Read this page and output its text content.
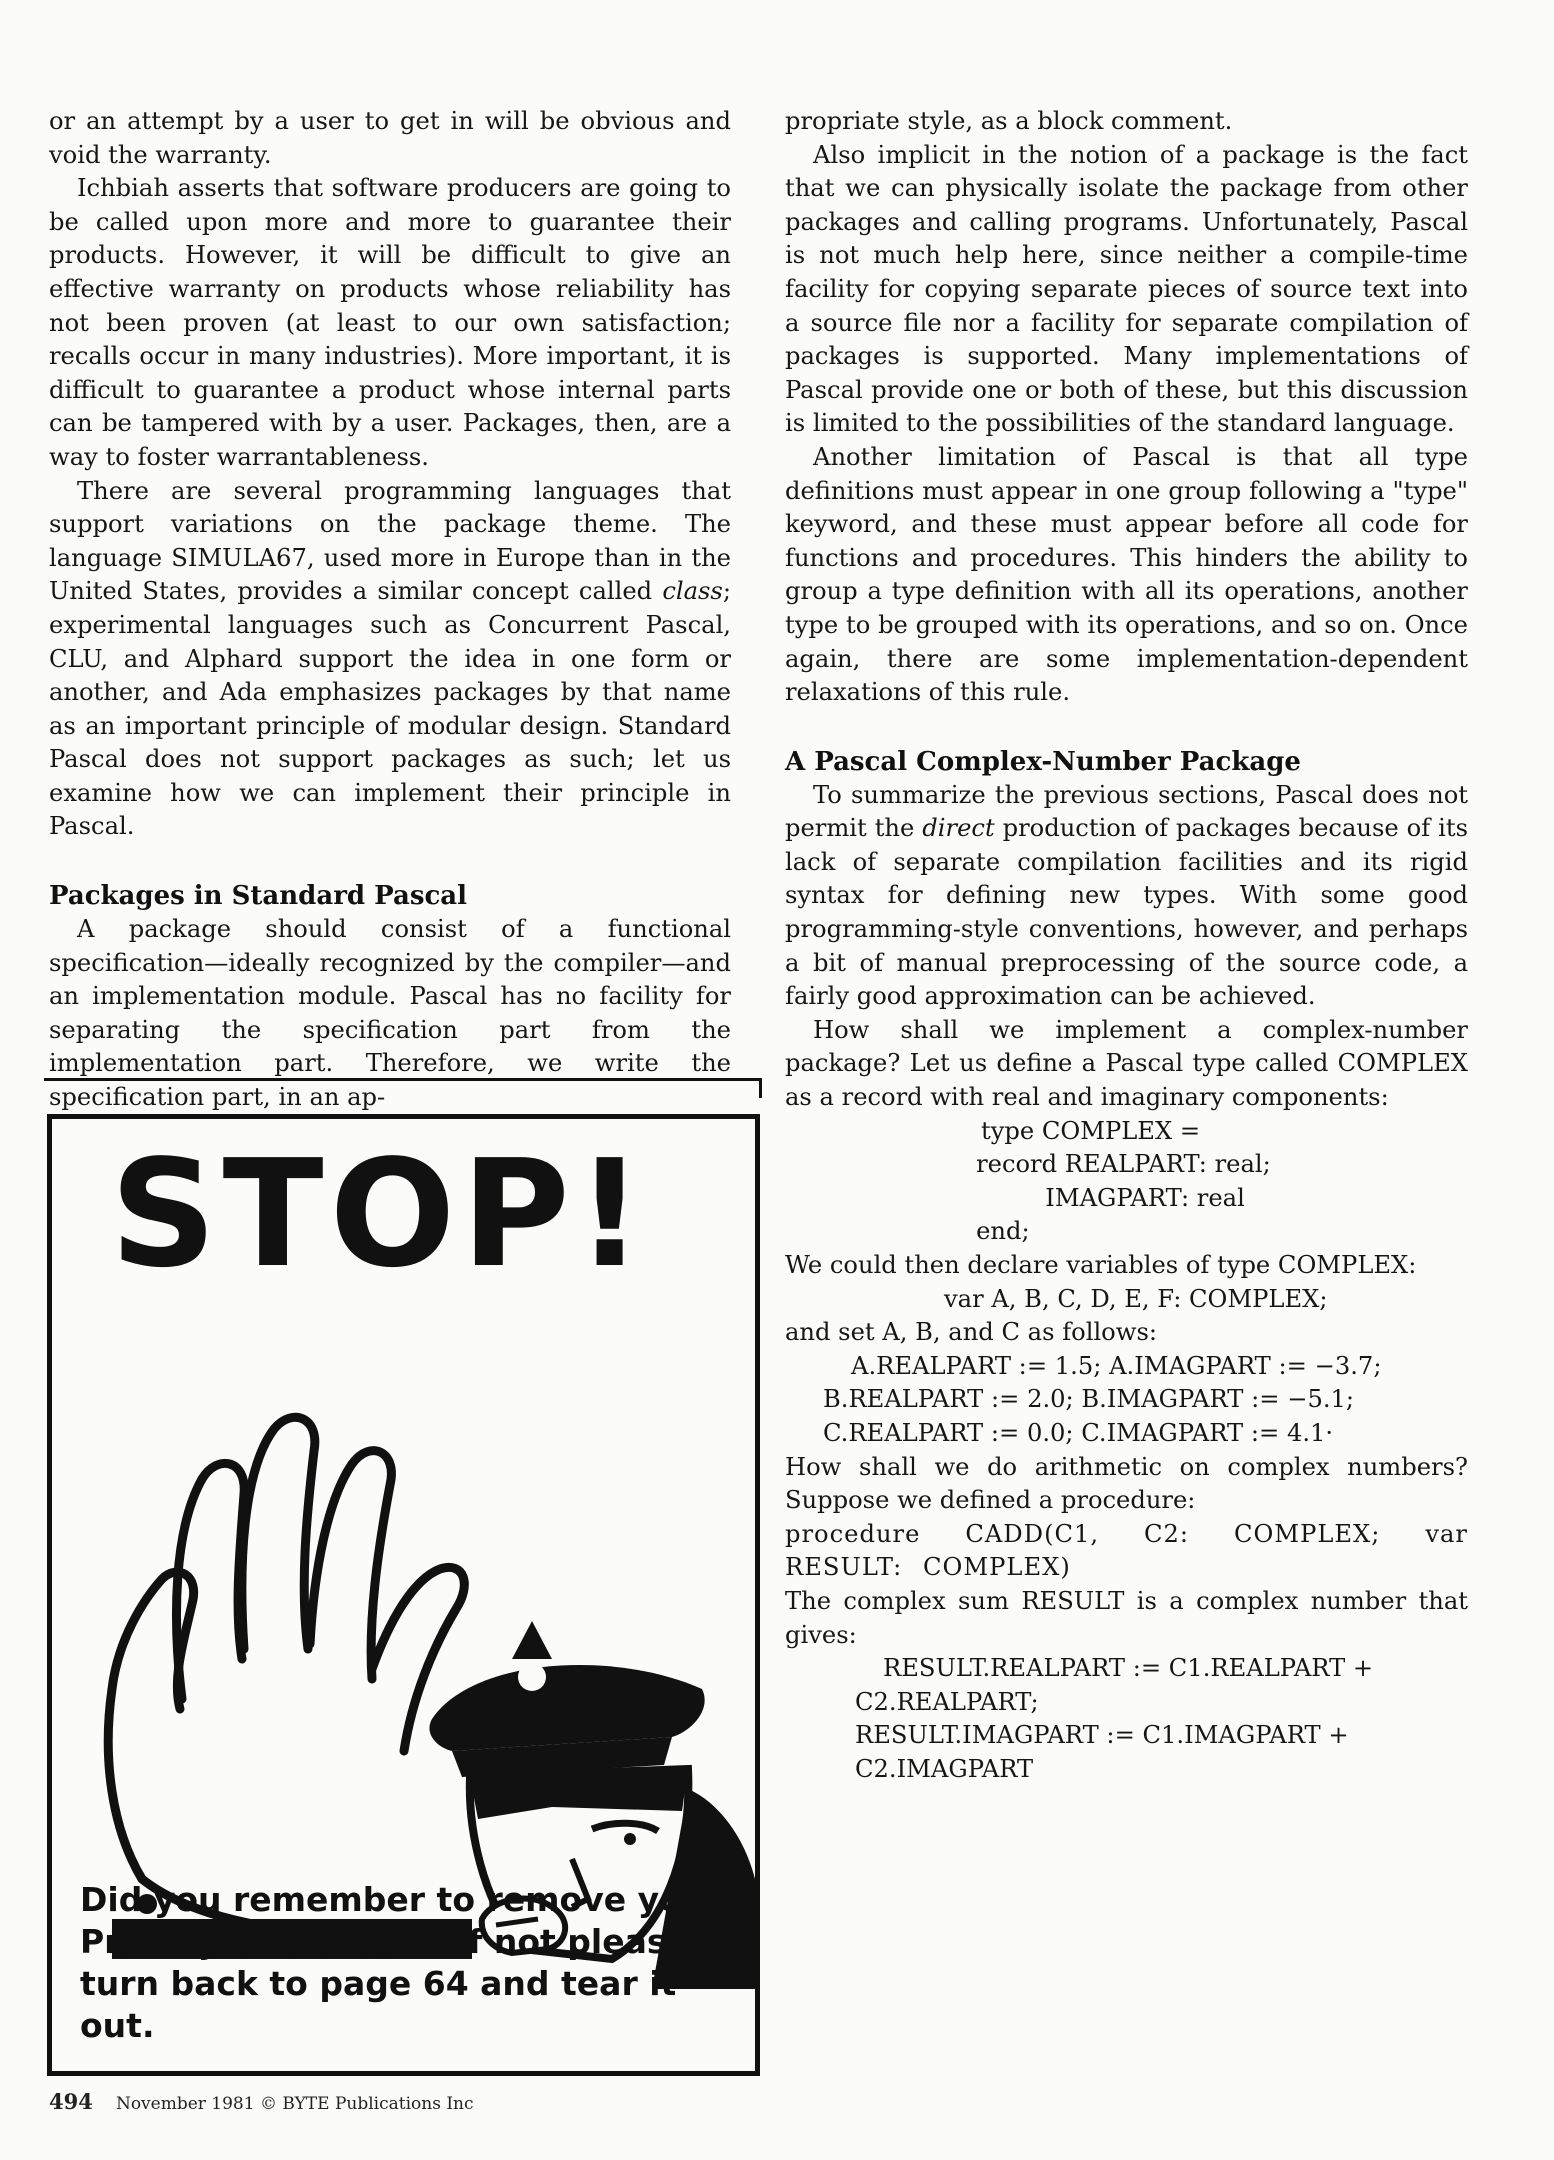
or an attempt by a user to get in will be obvious and void the warranty.

Ichbiah asserts that software producers are going to be called upon more and more to guarantee their products. However, it will be difficult to give an effective warranty on products whose reliability has not been proven (at least to our own satisfaction; recalls occur in many industries). More important, it is difficult to guarantee a product whose internal parts can be tampered with by a user. Packages, then, are a way to foster warrantableness.

There are several programming languages that support variations on the package theme. The language SIMULA67, used more in Europe than in the United States, provides a similar concept called class; experimental languages such as Concurrent Pascal, CLU, and Alphard support the idea in one form or another, and Ada emphasizes packages by that name as an important principle of modular design. Standard Pascal does not support packages as such; let us examine how we can implement their principle in Pascal.

Packages in Standard Pascal

A package should consist of a functional specification—ideally recognized by the compiler—and an implementation module. Pascal has no facility for separating the specification part from the implementation part. Therefore, we write the specification part, in an ap-

propriate style, as a block comment.

Also implicit in the notion of a package is the fact that we can physically isolate the package from other packages and calling programs. Unfortunately, Pascal is not much help here, since neither a compile-time facility for copying separate pieces of source text into a source file nor a facility for separate compilation of packages is supported. Many implementations of Pascal provide one or both of these, but this discussion is limited to the possibilities of the standard language.

Another limitation of Pascal is that all type definitions must appear in one group following a "type" keyword, and these must appear before all code for functions and procedures. This hinders the ability to group a type definition with all its operations, another type to be grouped with its operations, and so on. Once again, there are some implementation-dependent relaxations of this rule.

A Pascal Complex-Number Package

To summarize the previous sections, Pascal does not permit the direct production of packages because of its lack of separate compilation facilities and its rigid syntax for defining new types. With some good programming-style conventions, however, and perhaps a bit of manual preprocessing of the source code, a fairly good approximation can be achieved.

How shall we implement a complex-number package? Let us define a Pascal type called COMPLEX as a record with real and imaginary components:

type COMPLEX =
record REALPART: real;
IMAGPART: real
end;

We could then declare variables of type COMPLEX:

var A, B, C, D, E, F: COMPLEX;

and set A, B, and C as follows:

A.REALPART := 1.5; A.IMAGPART := −3.7;
B.REALPART := 2.0; B.IMAGPART := −5.1;
C.REALPART := 0.0; C.IMAGPART := 4.1·

How shall we do arithmetic on complex numbers? Suppose we defined a procedure:

procedure CADD(C1, C2: COMPLEX; var RESULT: COMPLEX)

The complex sum RESULT is a complex number that gives:

RESULT.REALPART := C1.REALPART +
C2.REALPART;
RESULT.IMAGPART := C1.IMAGPART +
C2.IMAGPART

STOP!
Did you remember to remove your Priority One insert? If not please turn back to page 64 and tear it out.
494 November 1981 © BYTE Publications Inc
